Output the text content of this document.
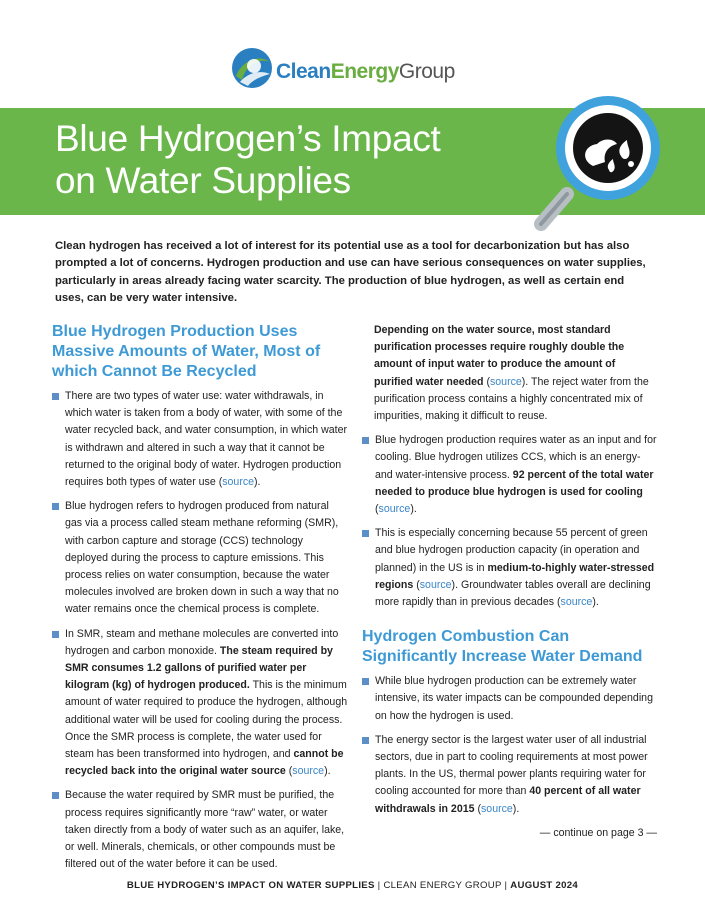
CleanEnergyGroup
Blue Hydrogen’s Impact
on Water Supplies

Clean hydrogen has received a lot of interest for its potential use as a tool for decarbonization but has also prompted a lot of concerns. Hydrogen production and use can have serious consequences on water supplies, particularly in areas already facing water scarcity. The production of blue hydrogen, as well as certain end uses, can be very water intensive.

Blue Hydrogen Production Uses Massive Amounts of Water, Most of which Cannot Be Recycled
There are two types of water use: water withdrawals, in which water is taken from a body of water, with some of the water recycled back, and water consumption, in which water is withdrawn and altered in such a way that it cannot be returned to the original body of water. Hydrogen production requires both types of water use (source).
Blue hydrogen refers to hydrogen produced from natural gas via a process called steam methane reforming (SMR), with carbon capture and storage (CCS) technology deployed during the process to capture emissions. This process relies on water consumption, because the water molecules involved are broken down in such a way that no water remains once the chemical process is complete.
In SMR, steam and methane molecules are converted into hydrogen and carbon monoxide. The steam required by SMR consumes 1.2 gallons of purified water per kilogram (kg) of hydrogen produced. This is the minimum amount of water required to produce the hydrogen, although additional water will be used for cooling during the process. Once the SMR process is complete, the water used for steam has been transformed into hydrogen, and cannot be recycled back into the original water source (source).
Because the water required by SMR must be purified, the process requires significantly more “raw” water, or water taken directly from a body of water such as an aquifer, lake, or well. Minerals, chemicals, or other compounds must be filtered out of the water before it can be used.

Depending on the water source, most standard purification processes require roughly double the amount of input water to produce the amount of purified water needed (source). The reject water from the purification process contains a highly concentrated mix of impurities, making it difficult to reuse.

Blue hydrogen production requires water as an input and for cooling. Blue hydrogen utilizes CCS, which is an energy- and water-intensive process. 92 percent of the total water needed to produce blue hydrogen is used for cooling (source).
This is especially concerning because 55 percent of green and blue hydrogen production capacity (in operation and planned) in the US is in medium-to-highly water-stressed regions (source). Groundwater tables overall are declining more rapidly than in previous decades (source).
Hydrogen Combustion Can Significantly Increase Water Demand
While blue hydrogen production can be extremely water intensive, its water impacts can be compounded depending on how the hydrogen is used.
The energy sector is the largest water user of all industrial sectors, due in part to cooling requirements at most power plants. In the US, thermal power plants requiring water for cooling accounted for more than 40 percent of all water withdrawals in 2015 (source).

— continue on page 3 —

BLUE HYDROGEN’S IMPACT ON WATER SUPPLIES | CLEAN ENERGY GROUP | AUGUST 2024
